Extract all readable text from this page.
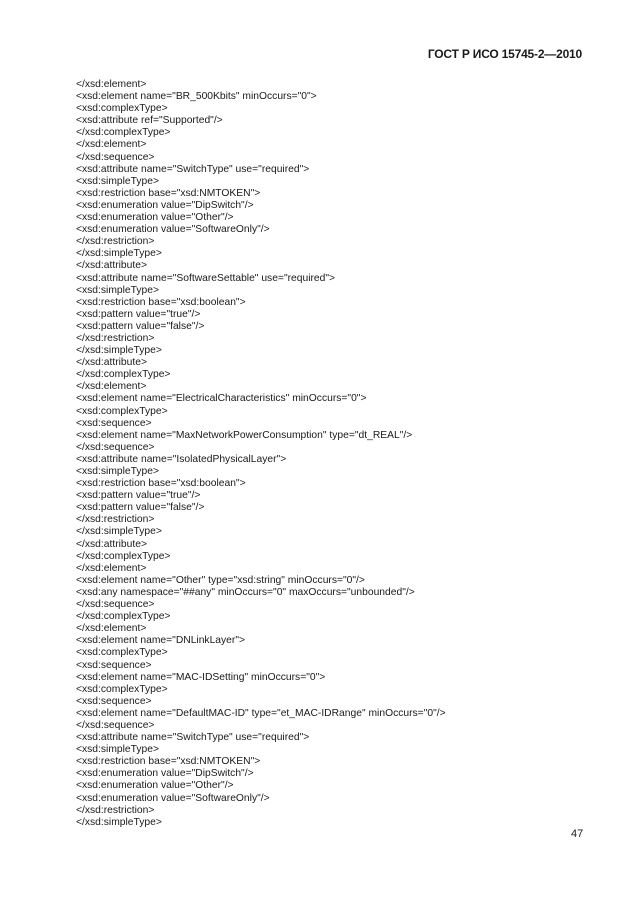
ГОСТ Р ИСО 15745-2—2010
</xsd:element>
<xsd:element name="BR_500Kbits" minOccurs="0">
<xsd:complexType>
<xsd:attribute ref="Supported"/>
</xsd:complexType>
</xsd:element>
</xsd:sequence>
<xsd:attribute name="SwitchType" use="required">
<xsd:simpleType>
<xsd:restriction base="xsd:NMTOKEN">
<xsd:enumeration value="DipSwitch"/>
<xsd:enumeration value="Other"/>
<xsd:enumeration value="SoftwareOnly"/>
</xsd:restriction>
</xsd:simpleType>
</xsd:attribute>
<xsd:attribute name="SoftwareSettable" use="required">
<xsd:simpleType>
<xsd:restriction base="xsd:boolean">
<xsd:pattern value="true"/>
<xsd:pattern value="false"/>
</xsd:restriction>
</xsd:simpleType>
</xsd:attribute>
</xsd:complexType>
</xsd:element>
<xsd:element name="ElectricalCharacteristics" minOccurs="0">
<xsd:complexType>
<xsd:sequence>
<xsd:element name="MaxNetworkPowerConsumption" type="dt_REAL"/>
</xsd:sequence>
<xsd:attribute name="IsolatedPhysicalLayer">
<xsd:simpleType>
<xsd:restriction base="xsd:boolean">
<xsd:pattern value="true"/>
<xsd:pattern value="false"/>
</xsd:restriction>
</xsd:simpleType>
</xsd:attribute>
</xsd:complexType>
</xsd:element>
<xsd:element name="Other" type="xsd:string" minOccurs="0"/>
<xsd:any namespace="##any" minOccurs="0" maxOccurs="unbounded"/>
</xsd:sequence>
</xsd:complexType>
</xsd:element>
<xsd:element name="DNLinkLayer">
<xsd:complexType>
<xsd:sequence>
<xsd:element name="MAC-IDSetting" minOccurs="0">
<xsd:complexType>
<xsd:sequence>
<xsd:element name="DefaultMAC-ID" type="et_MAC-IDRange" minOccurs="0"/>
</xsd:sequence>
<xsd:attribute name="SwitchType" use="required">
<xsd:simpleType>
<xsd:restriction base="xsd:NMTOKEN">
<xsd:enumeration value="DipSwitch"/>
<xsd:enumeration value="Other"/>
<xsd:enumeration value="SoftwareOnly"/>
</xsd:restriction>
</xsd:simpleType>
47
